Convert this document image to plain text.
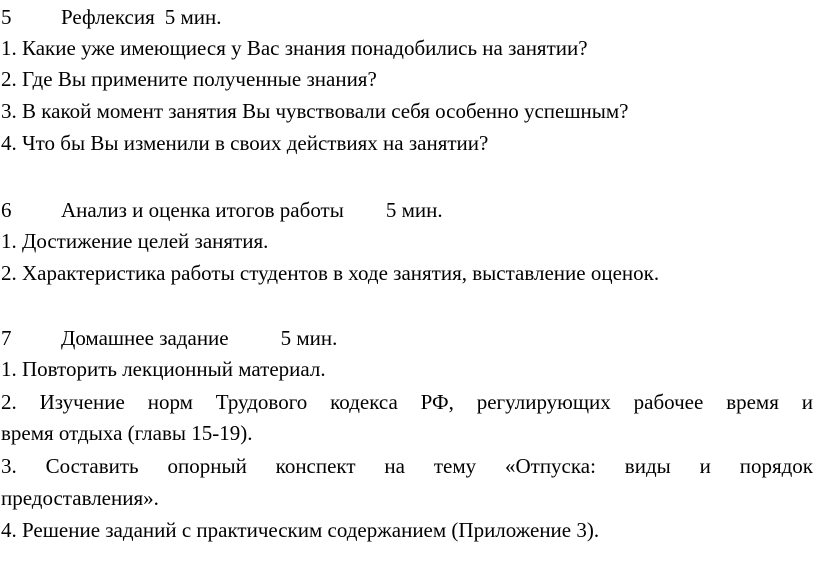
5 Рефлексия 5 мин.
1. Какие уже имеющиеся у Вас знания понадобились на занятии?
2. Где Вы примените полученные знания?
3. В какой момент занятия Вы чувствовали себя особенно успешным?
4. Что бы Вы изменили в своих действиях на занятии?
6 Анализ и оценка итогов работы 5 мин.
1. Достижение целей занятия.
2. Характеристика работы студентов в ходе занятия, выставление оценок.
7 Домашнее задание 5 мин.
1. Повторить лекционный материал.
2. Изучение норм Трудового кодекса РФ, регулирующих рабочее время и
время отдыха (главы 15-19).
3. Составить опорный конспект на тему «Отпуска: виды и порядок
предоставления».
4. Решение заданий с практическим содержанием (Приложение 3).
